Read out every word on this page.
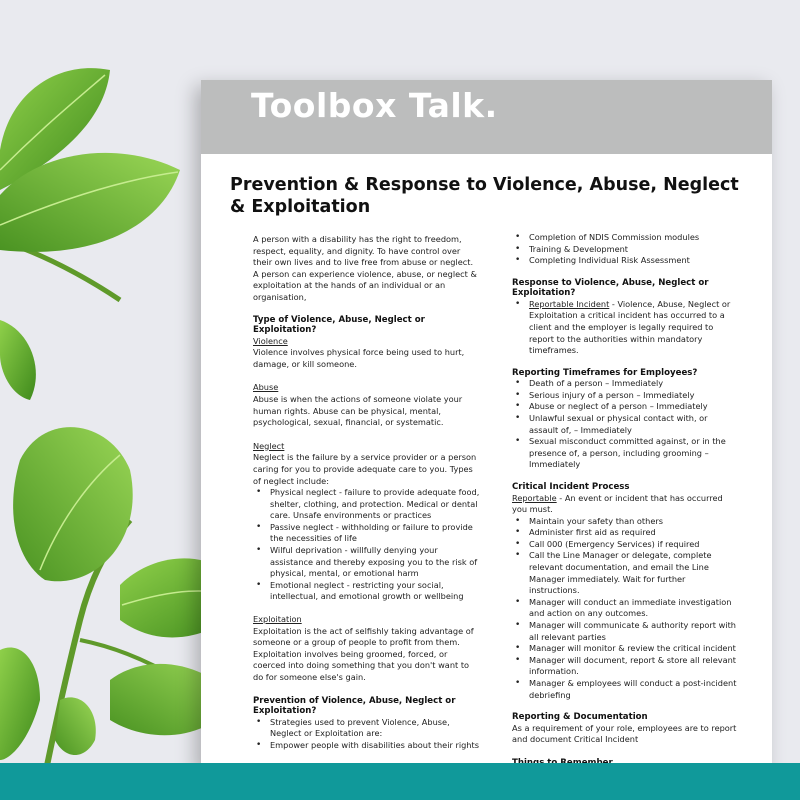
Toolbox Talk.
Prevention & Response to Violence, Abuse, Neglect & Exploitation

A person with a disability has the right to freedom, respect, equality, and dignity. To have control over their own lives and to live free from abuse or neglect. A person can experience violence, abuse, or neglect & exploitation at the hands of an individual or an organisation,

Type of Violence, Abuse, Neglect or Exploitation?
Violence
Violence involves physical force being used to hurt, damage, or kill someone.
Abuse
Abuse is when the actions of someone violate your human rights. Abuse can be physical, mental, psychological, sexual, financial, or systematic.
Neglect
Neglect is the failure by a service provider or a person caring for you to provide adequate care to you. Types of neglect include:
• Physical neglect - failure to provide adequate food, shelter, clothing, and protection. Medical or dental care. Unsafe environments or practices
• Passive neglect - withholding or failure to provide the necessities of life
• Wilful deprivation - willfully denying your assistance and thereby exposing you to the risk of physical, mental, or emotional harm
• Emotional neglect - restricting your social, intellectual, and emotional growth or wellbeing
Exploitation
Exploitation is the act of selfishly taking advantage of someone or a group of people to profit from them. Exploitation involves being groomed, forced, or coerced into doing something that you don't want to do for someone else's gain.
Prevention of Violence, Abuse, Neglect or Exploitation?
• Strategies used to prevent Violence, Abuse, Neglect or Exploitation are:
• Empower people with disabilities about their rights
• Completion of NDIS Commission modules
• Training & Development
• Completing Individual Risk Assessment
Response to Violence, Abuse, Neglect or Exploitation?
• Reportable Incident - Violence, Abuse, Neglect or Exploitation a critical incident has occurred to a client and the employer is legally required to report to the authorities within mandatory timeframes.
Reporting Timeframes for Employees?
• Death of a person – Immediately
• Serious injury of a person – Immediately
• Abuse or neglect of a person – Immediately
• Unlawful sexual or physical contact with, or assault of, – Immediately
• Sexual misconduct committed against, or in the presence of, a person, including grooming – Immediately
Critical Incident Process
Reportable - An event or incident that has occurred you must.
• Maintain your safety than others
• Administer first aid as required
• Call 000 (Emergency Services) if required
• Call the Line Manager or delegate, complete relevant documentation, and email the Line Manager immediately. Wait for further instructions.
• Manager will conduct an immediate investigation and action on any outcomes.
• Manager will communicate & authority report with all relevant parties
• Manager will monitor & review the critical incident
• Manager will document, report & store all relevant information.
• Manager & employees will conduct a post-incident debriefing
Reporting & Documentation
As a requirement of your role, employees are to report and document Critical Incident
